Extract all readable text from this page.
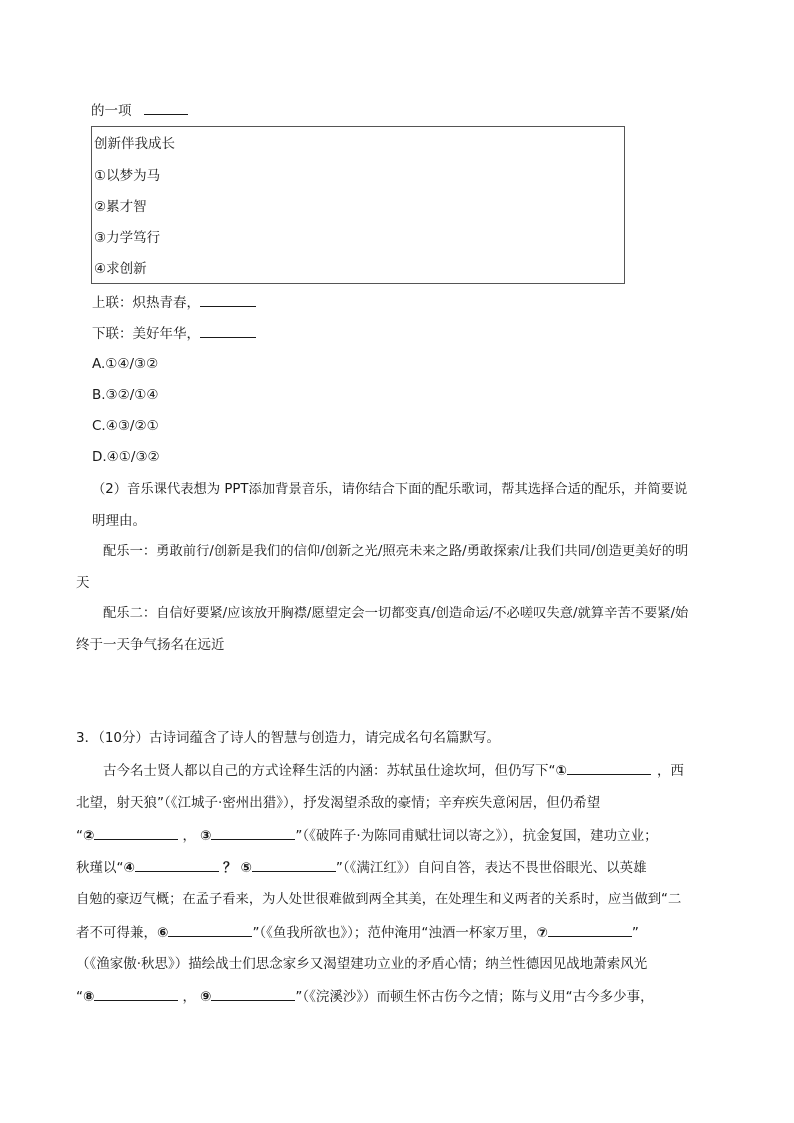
的一项
创新伴我成长
①以梦为马
②累才智
③力学笃行
④求创新
上联：炽热青春，
下联：美好年华，
A.①④/③②
B.③②/①④
C.④③/②①
D.④①/③②
（2）音乐课代表想为 PPT添加背景音乐，请你结合下面的配乐歌词，帮其选择合适的配乐，并简要说
明理由。
配乐一：勇敢前行/创新是我们的信仰/创新之光/照亮未来之路/勇敢探索/让我们共同/创造更美好的明
天
配乐二：自信好要紧/应该放开胸襟/愿望定会一切都变真/创造命运/不必嗟叹失意/就算辛苦不要紧/始
终于一天争气扬名在远近
3．（10分）古诗词蕴含了诗人的智慧与创造力，请完成名句名篇默写。
古今名士贤人都以自己的方式诠释生活的内涵：苏轼虽仕途坎坷，但仍写下“①	，西
北望，射天狼”（《江城子·密州出猎》），抒发渴望杀敌的豪情；辛弃疾失意闲居，但仍希望
“②	， ③	”（《破阵子·为陈同甫赋壮词以寄之》），抗金复国，建功立业；
秋瑾以“④	？ ⑤	”（《满江红》）自问自答，表达不畏世俗眼光、以英雄
自勉的豪迈气概；在孟子看来，为人处世很难做到两全其美，在处理生和义两者的关系时，应当做到“二
者不可得兼，⑥	”（《鱼我所欲也》）；范仲淹用“浊酒一杯家万里，⑦	”
（《渔家傲·秋思》）描绘战士们思念家乡又渴望建功立业的矛盾心情；纳兰性德因见战地萧索风光
“⑧	， ⑨	”（《浣溪沙》）而顿生怀古伤今之情；陈与义用“古今多少事，
